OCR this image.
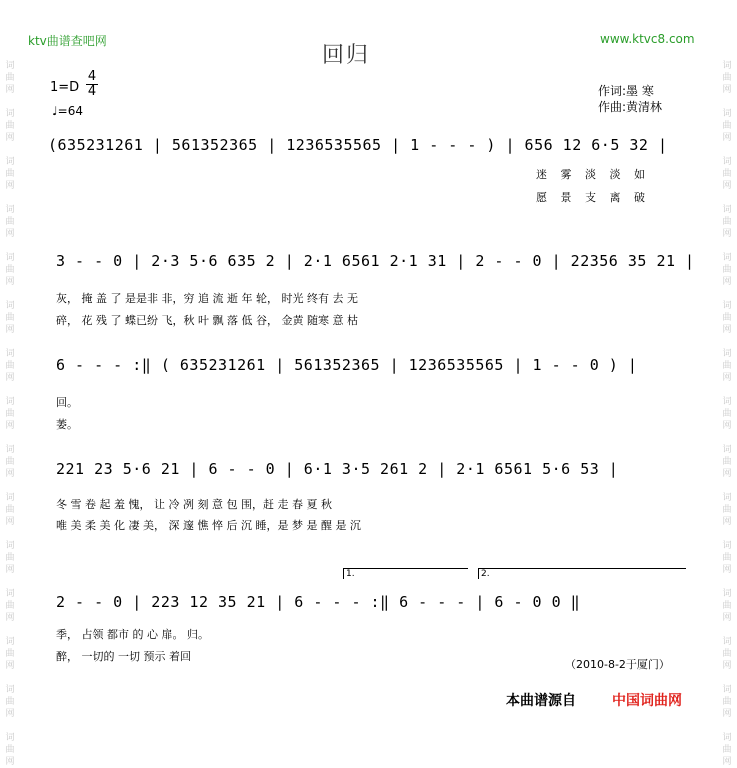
词
曲
网
词
曲
网
词
曲
网
词
曲
网
词
曲
网
词
曲
网
词
曲
网
词
曲
网
词
曲
网
词
曲
网
词
曲
网
词
曲
网
词
曲
网
词
曲
网
词
曲
网
词
曲
网
词
曲
网
词
曲
网
词
曲
网
词
曲
网
词
曲
网
词
曲
网
词
曲
网
词
曲
网
词
曲
网
词
曲
网
词
曲
网
词
曲
网
词
曲
网
词
曲
网
ktv曲谱查吧网	www.ktvc8.com
回归
1=D
4
4
♩=64
作词:墨 寒
作曲:黄清林
(635231261 | 561352365 | 1236535565 | 1 - - - ) | 656 12 6·5 32 |
迷 雾 淡 淡 如
愿 景 支 离 破
3 - - 0 | 2·3 5·6 635 2 | 2·1 6561 2·1 31 | 2 - - 0 | 22356 35 21 |
灰， 掩 盖 了 是是非 非，穷 追 流 逝 年 轮， 时光 终有 去 无
碎， 花 残 了 蝶已纷 飞，秋 叶 飘 落 低 谷， 金黄 随寒 意 枯
6 - - - :‖ ( 635231261 | 561352365 | 1236535565 | 1 - - 0 ) |
回。
萎。
221 23 5·6 21 | 6 - - 0 | 6·1 3·5 261 2 | 2·1 6561 5·6 53 |
冬 雪 卷 起 羞 愧， 让 冷 冽 刻 意 包 围，赶 走 春 夏 秋
唯 美 柔 美 化 凄 美， 深 邃 憔 悴 后 沉 睡，是 梦 是 醒 是 沉
1.	2.
2 - - 0 | 223 12 35 21 | 6 - - - :‖ 6 - - - | 6 - 0 0 ‖
季， 占领 都市 的 心 扉。 归。
醉， 一切的 一切 预示 着回
（2010-8-2于厦门）
本曲谱源自	中国词曲网
